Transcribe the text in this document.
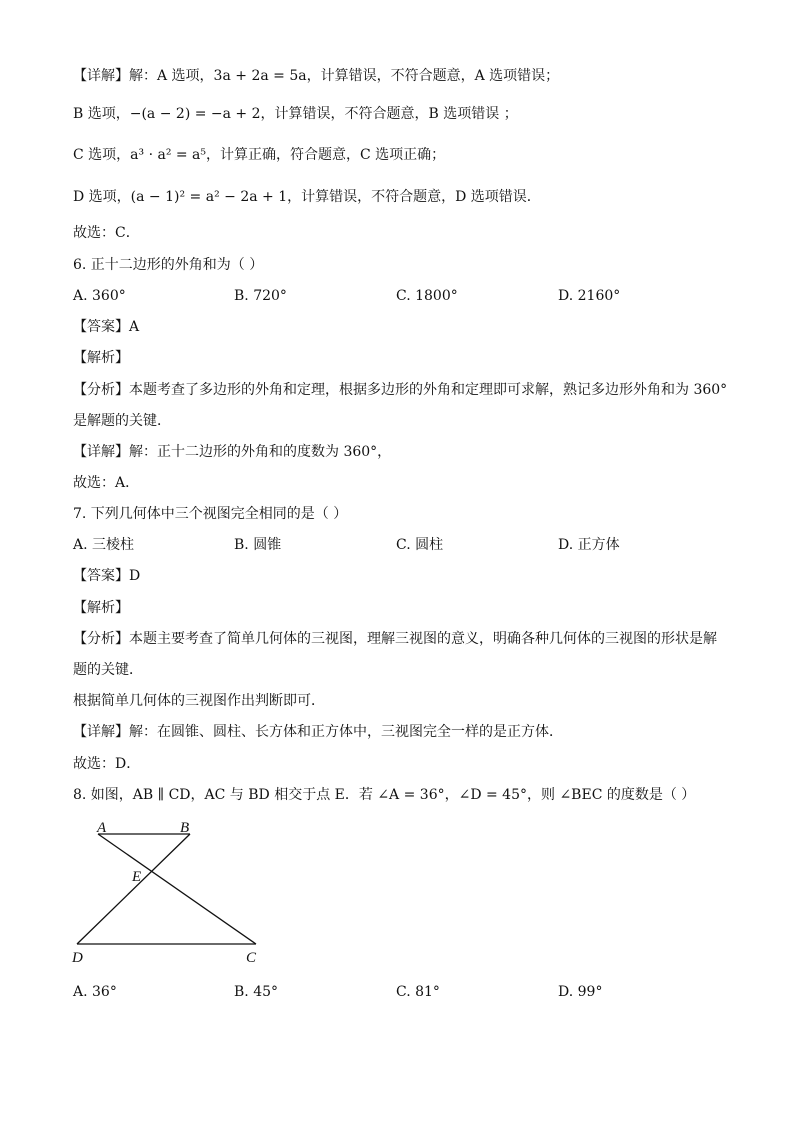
【详解】解：A 选项，3a + 2a = 5a，计算错误，不符合题意，A 选项错误；
B 选项，−(a − 2) = −a + 2，计算错误，不符合题意，B 选项错误 ；
C 选项，a³ · a² = a⁵，计算正确，符合题意，C 选项正确；
D 选项，(a − 1)² = a² − 2a + 1，计算错误，不符合题意，D 选项错误．
故选：C．
6. 正十二边形的外角和为（ ）
A. 360°	B. 720°	C. 1800°	D. 2160°
【答案】A
【解析】
【分析】本题考查了多边形的外角和定理，根据多边形的外角和定理即可求解，熟记多边形外角和为 360°
是解题的关键．
【详解】解：正十二边形的外角和的度数为 360°，
故选：A．
7. 下列几何体中三个视图完全相同的是（ ）
A. 三棱柱	B. 圆锥	C. 圆柱	D. 正方体
【答案】D
【解析】
【分析】本题主要考查了简单几何体的三视图，理解三视图的意义，明确各种几何体的三视图的形状是解
题的关键．
根据简单几何体的三视图作出判断即可．
【详解】解：在圆锥、圆柱、长方体和正方体中，三视图完全一样的是正方体．
故选：D．
8. 如图，AB ∥ CD，AC 与 BD 相交于点 E．若 ∠A = 36°，∠D = 45°，则 ∠BEC 的度数是（ ）
A	B
E
D	C
A. 36°	B. 45°	C. 81°	D. 99°
